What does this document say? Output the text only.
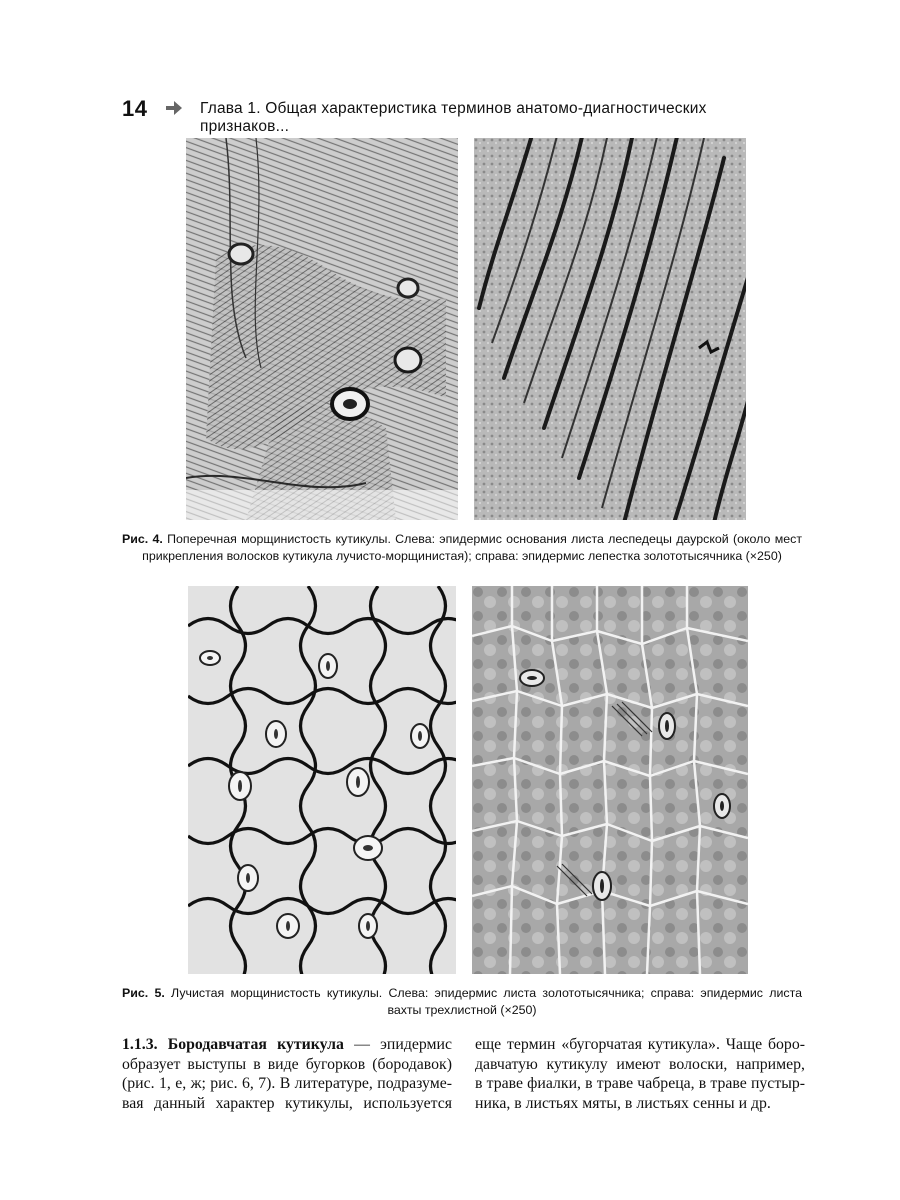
14	Глава 1. Общая характеристика терминов анатомо-диагностических признаков...
Рис. 4. Поперечная морщинистость кутикулы. Слева: эпидермис основания листа леспедецы даурской (около мест прикрепления волосков кутикула лучисто-морщинистая); справа: эпидермис лепестка золототысячника (×250)
Рис. 5. Лучистая морщинистость кутикулы. Слева: эпидермис листа золототысячника; справа: эпидермис листа вахты трехлистной (×250)
1.1.3. Бородавчатая кутикула — эпидермис
образует выступы в виде бугорков (бородавок)
(рис. 1, е, ж; рис. 6, 7). В литературе, подразуме-
вая данный характер кутикулы, используется
еще термин «бугорчатая кутикула». Чаще боро-
давчатую кутикулу имеют волоски, например,
в траве фиалки, в траве чабреца, в траве пустыр-
ника, в листьях мяты, в листьях сенны и др.
